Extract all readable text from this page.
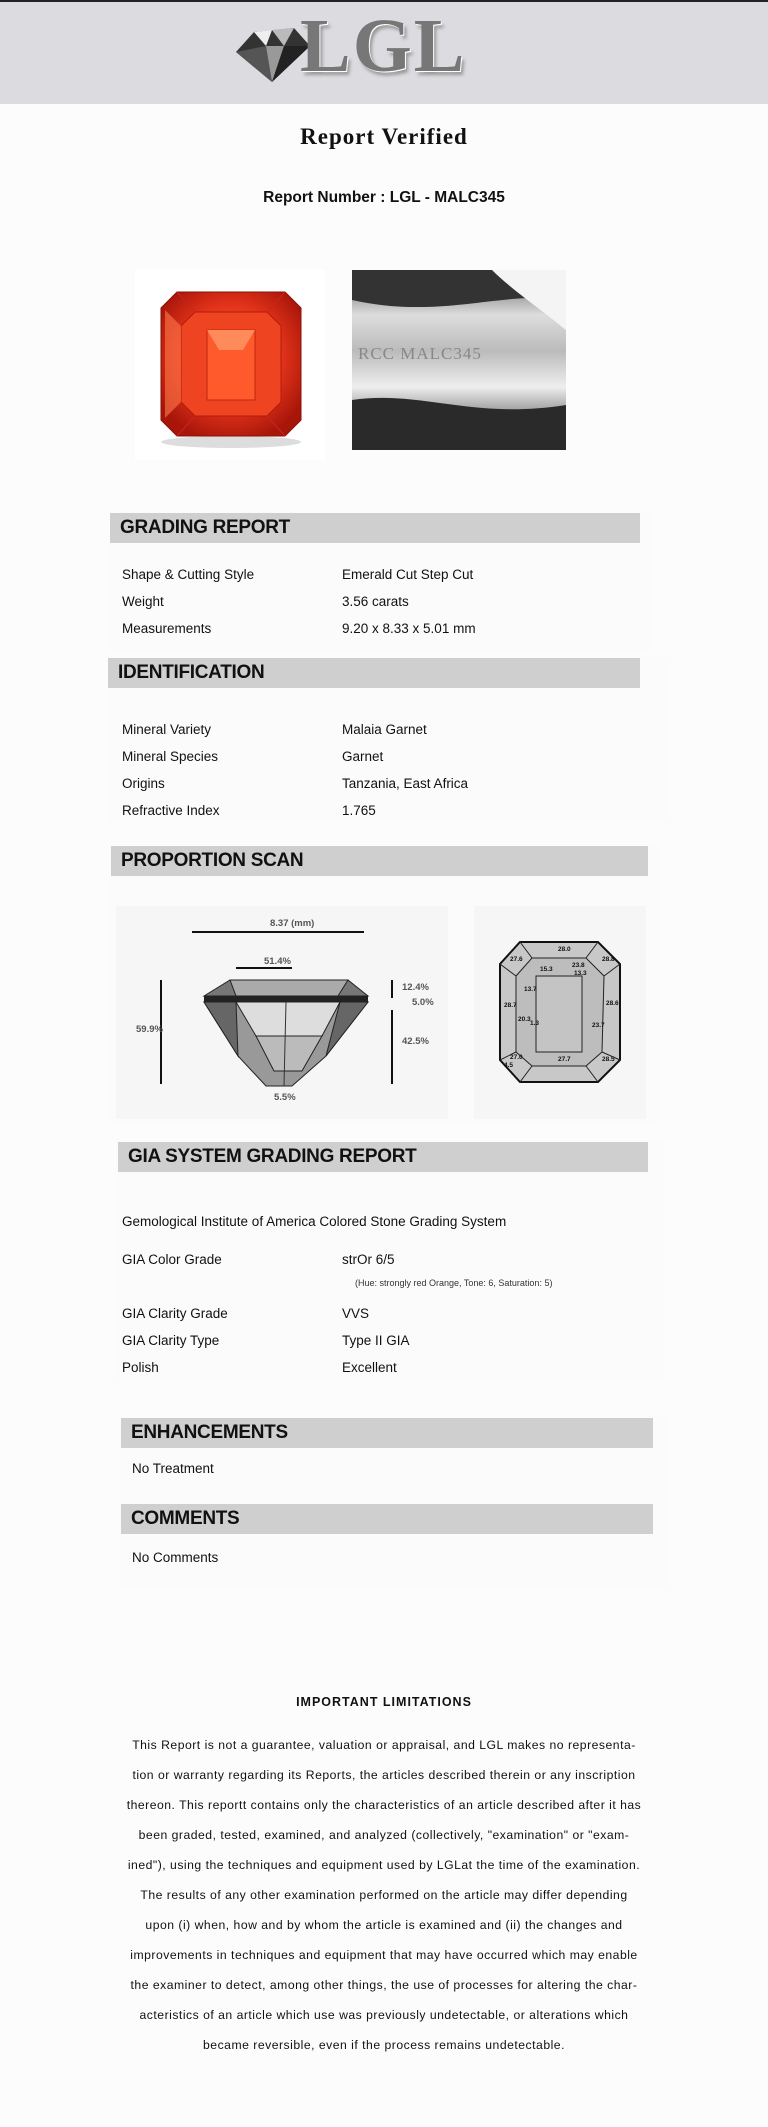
LGL
Report Verified
Report Number : LGL - MALC345
RCC MALC345
GRADING REPORT
Shape & Cutting Style	Emerald Cut Step Cut
Weight	3.56 carats
Measurements	9.20 x 8.33 x 5.01 mm
IDENTIFICATION
Mineral Variety	Malaia Garnet
Mineral Species	Garnet
Origins	Tanzania, East Africa
Refractive Index	1.765
PROPORTION SCAN
8.37 (mm)
51.4%
59.9%
12.4%
5.0%
42.5%
5.5%
28.0
27.6	28.8
15.3
23.8
13.3
28.7
13.7
28.6
20.3
1.3	23.7
27.0	27.7	28.5
4.5
GIA SYSTEM GRADING REPORT
Gemological Institute of America Colored Stone Grading System
GIA Color Grade	strOr 6/5
(Hue: strongly red Orange, Tone: 6, Saturation: 5)
GIA Clarity Grade	VVS
GIA Clarity Type	Type II GIA
Polish	Excellent
ENHANCEMENTS
No Treatment
COMMENTS
No Comments
IMPORTANT LIMITATIONS
This Report is not a guarantee, valuation or appraisal, and LGL makes no representa-
tion or warranty regarding its Reports, the articles described therein or any inscription
thereon. This reportt contains only the characteristics of an article described after it has
been graded, tested, examined, and analyzed (collectively, "examination" or "exam-
ined"), using the techniques and equipment used by LGLat the time of the examination.
The results of any other examination performed on the article may differ depending
upon (i) when, how and by whom the article is examined and (ii) the changes and
improvements in techniques and equipment that may have occurred which may enable
the examiner to detect, among other things, the use of processes for altering the char-
acteristics of an article which use was previously undetectable, or alterations which
became reversible, even if the process remains undetectable.
